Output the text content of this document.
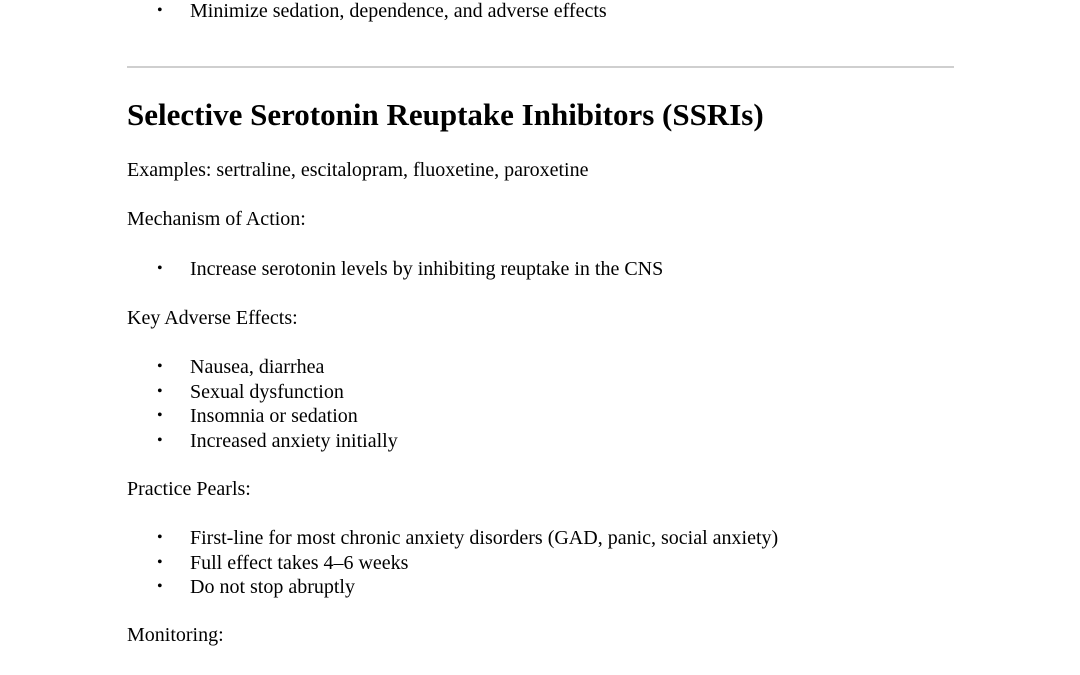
• Minimize sedation, dependence, and adverse effects
Selective Serotonin Reuptake Inhibitors (SSRIs)

Examples: sertraline, escitalopram, fluoxetine, paroxetine

Mechanism of Action:

• Increase serotonin levels by inhibiting reuptake in the CNS

Key Adverse Effects:

• Nausea, diarrhea
• Sexual dysfunction
• Insomnia or sedation
• Increased anxiety initially

Practice Pearls:

• First-line for most chronic anxiety disorders (GAD, panic, social anxiety)
• Full effect takes 4–6 weeks
• Do not stop abruptly

Monitoring:
